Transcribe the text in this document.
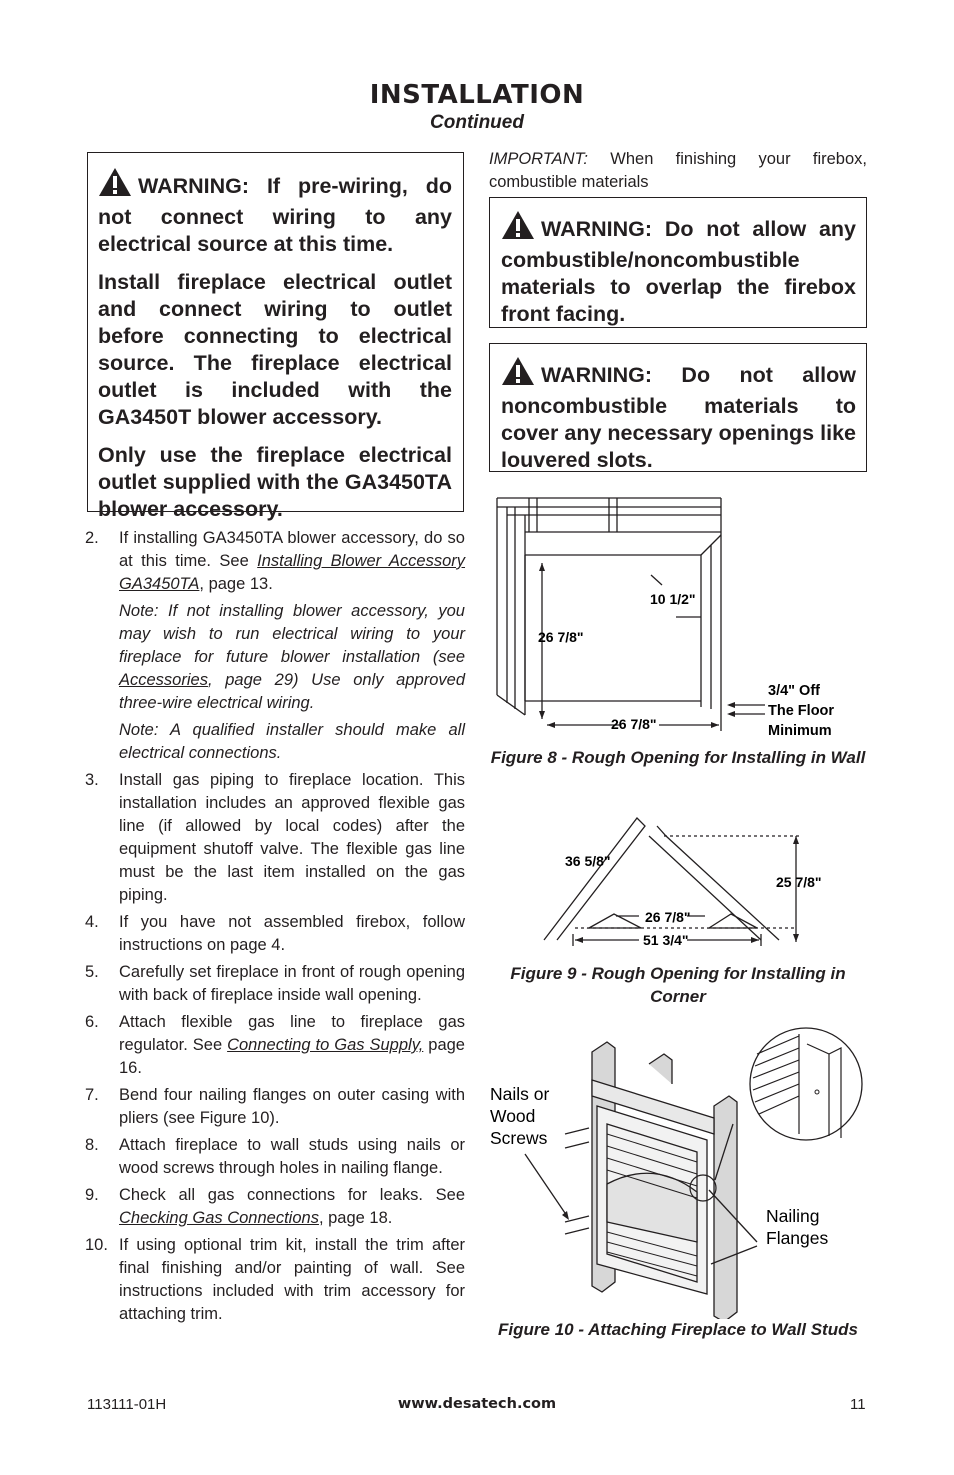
INSTALLATION
Continued

WARNING: If pre-wiring, do not connect wiring to any electrical source at this time.

Install fireplace electrical outlet and connect wiring to outlet before connecting to electrical source. The fireplace electrical outlet is included with the GA3450T blower accessory.

Only use the fireplace electrical outlet supplied with the GA3450TA blower accessory.

IMPORTANT: When finishing your firebox, combustible materials

WARNING: Do not allow any combustible/noncombustible materials to overlap the firebox front facing.

WARNING: Do not allow noncombustible materials to cover any necessary openings like louvered slots.

2.	If installing GA3450TA blower accessory, do so at this time. See Installing Blower Accessory GA3450TA, page 13.
Note: If not installing blower accessory, you may wish to run electrical wiring to your fireplace for future blower installation (see Accessories, page 29) Use only approved three-wire electrical wiring.
Note: A qualified installer should make all electrical connections.
3.	Install gas piping to fireplace location. This installation includes an approved flexible gas line (if allowed by local codes) after the equipment shutoff valve. The flexible gas line must be the last item installed on the gas piping.
4.	If you have not assembled firebox, follow instructions on page 4.
5.	Carefully set fireplace in front of rough opening with back of fireplace inside wall opening.
6.	Attach flexible gas line to fireplace gas regulator. See Connecting to Gas Supply, page 16.
7.	Bend four nailing flanges on outer casing with pliers (see Figure 10).
8.	Attach fireplace to wall studs using nails or wood screws through holes in nailing flange.
9.	Check all gas connections for leaks. See Checking Gas Connections, page 18.
10. If using optional trim kit, install the trim after final finishing and/or painting of wall. See instructions included with trim accessory for attaching trim.
10 1/2"
26 7/8"
26 7/8"
3/4" Off
The Floor
Minimum
Figure 8 - Rough Opening for Installing in Wall
36 5/8"
25 7/8"
26 7/8"
51 3/4"
Figure 9 - Rough Opening for Installing in Corner
Nails or
Wood
Screws
Nailing
Flanges
Figure 10 - Attaching Fireplace to Wall Studs
113111-01H	www.desatech.com	11
